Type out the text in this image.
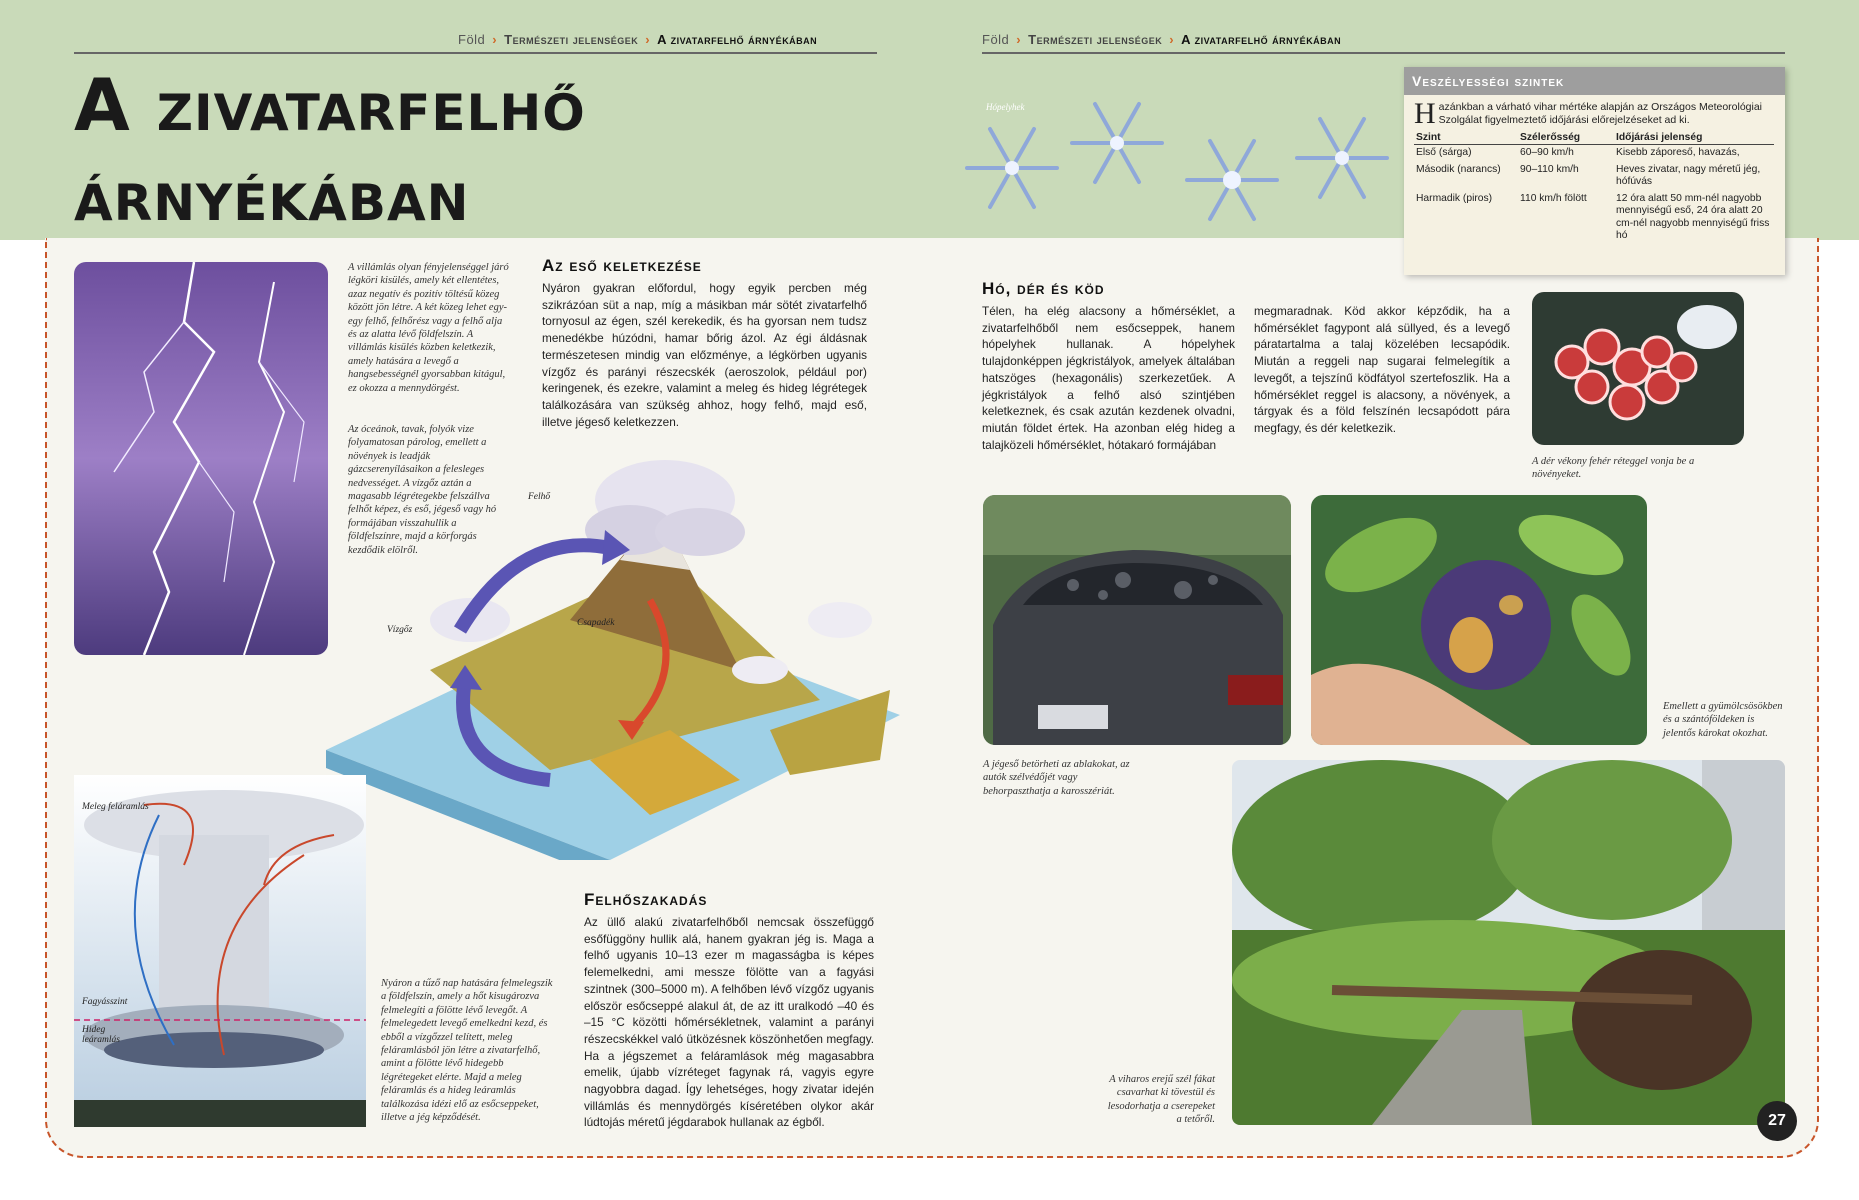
Föld › Természeti jelenségek › A zivatarfelhő árnyékában	Föld › Természeti jelenségek › A zivatarfelhő árnyékában
A zivatarfelhő
árnyékában
A villámlás olyan fényjelenséggel járó légköri kisülés, amely két ellentétes, azaz negatív és pozitív töltésű közeg között jön létre. A két közeg lehet egy-egy felhő, felhőrész vagy a felhő alja és az alatta lévő földfelszín. A villámlás kisülés közben keletkezik, amely hatására a levegő a hangsebességnél gyorsabban kitágul, ez okozza a mennydörgést.
Az óceánok, tavak, folyók vize folyamatosan párolog, emellett a növények is leadják gázcserenyílásaikon a felesleges nedvességet. A vízgőz aztán a magasabb légrétegekbe felszállva felhőt képez, és eső, jégeső vagy hó formájában visszahullik a földfelszínre, majd a körforgás kezdődik elölről.
Az eső keletkezése
Nyáron gyakran előfordul, hogy egyik percben még szikrázóan süt a nap, míg a másikban már sötét zivatarfelhő tornyosul az égen, szél kerekedik, és ha gyorsan nem tudsz menedékbe húzódni, hamar bőrig ázol. Az égi áldásnak természetesen mindig van előzménye, a légkörben ugyanis vízgőz és parányi részecskék (aeroszolok, például por) keringenek, és ezekre, valamint a meleg és hideg légrétegek találkozására van szükség ahhoz, hogy felhő, majd eső, illetve jégeső keletkezzen.
Felhő
Vízgőz
Csapadék
Meleg feláramlás
Fagyásszint
Hideg leáramlás
Nyáron a tűző nap hatására felmelegszik a földfelszín, amely a hőt kisugározva felmelegíti a fölötte lévő levegőt. A felmelegedett levegő emelkedni kezd, és ebből a vízgőzzel telített, meleg feláramlásból jön létre a zivatarfelhő, amint a fölötte lévő hidegebb légrétegeket elérte. Majd a meleg feláramlás és a hideg leáramlás találkozása idézi elő az esőcseppeket, illetve a jég képződését.
Felhőszakadás
Az üllő alakú zivatarfelhőből nemcsak összefüggő esőfüggöny hullik alá, hanem gyakran jég is. Maga a felhő ugyanis 10–13 ezer m magasságba is képes felemelkedni, ami messze fölötte van a fagyási szintnek (300–5000 m). A felhőben lévő vízgőz ugyanis először esőcseppé alakul át, de az itt uralkodó –40 és –15 °C közötti hőmérsékletnek, valamint a parányi részecskékkel való ütközésnek köszönhetően megfagy. Ha a jégszemet a feláramlások még magasabbra emelik, újabb vízréteget fagynak rá, vagyis egyre nagyobbra dagad. Így lehetséges, hogy zivatar idején villámlás és mennydörgés kíséretében olykor akár lúdtojás méretű jégdarabok hullanak az égből.
Hópelyhek
Veszélyességi szintek
Hazánkban a várható vihar mértéke alapján az Országos Meteorológiai Szolgálat figyelmeztető időjárási előrejelzéseket ad ki.
Szint	Szélerősség	Időjárási jelenség
Első (sárga)	60–90 km/h	Kisebb záporeső, havazás,
Második (narancs)	90–110 km/h	Heves zivatar, nagy méretű jég, hófúvás
Harmadik (piros)	110 km/h fölött	12 óra alatt 50 mm-nél nagyobb mennyiségű eső, 24 óra alatt 20 cm-nél nagyobb mennyiségű friss hó
Hó, dér és köd
Télen, ha elég alacsony a hőmérséklet, a zivatarfelhőből nem esőcseppek, hanem hópelyhek hullanak. A hópelyhek tulajdonképpen jégkristályok, amelyek általában hatszöges (hexagonális) szerkezetűek. A jégkristályok a felhő alsó szintjében keletkeznek, és csak azután kezdenek olvadni, miután földet értek. Ha azonban elég hideg a talajközeli hőmérséklet, hótakaró formájában
megmaradnak. Köd akkor képződik, ha a hőmérséklet fagypont alá süllyed, és a levegő páratartalma a talaj közelében lecsapódik. Miután a reggeli nap sugarai felmelegítik a levegőt, a tejszínű ködfátyol szertefoszlik. Ha a hőmérséklet reggel is alacsony, a növények, a tárgyak és a föld felszínén lecsapódott pára megfagy, és dér keletkezik.
A dér vékony fehér réteggel vonja be a növényeket.
A jégeső betörheti az ablakokat, az autók szélvédőjét vagy behorpaszthatja a karosszériát.
Emellett a gyümölcsösökben és a szántóföldeken is jelentős károkat okozhat.
A viharos erejű szél fákat csavarhat ki tövestül és lesodorhatja a cserepeket a tetőről.	27
